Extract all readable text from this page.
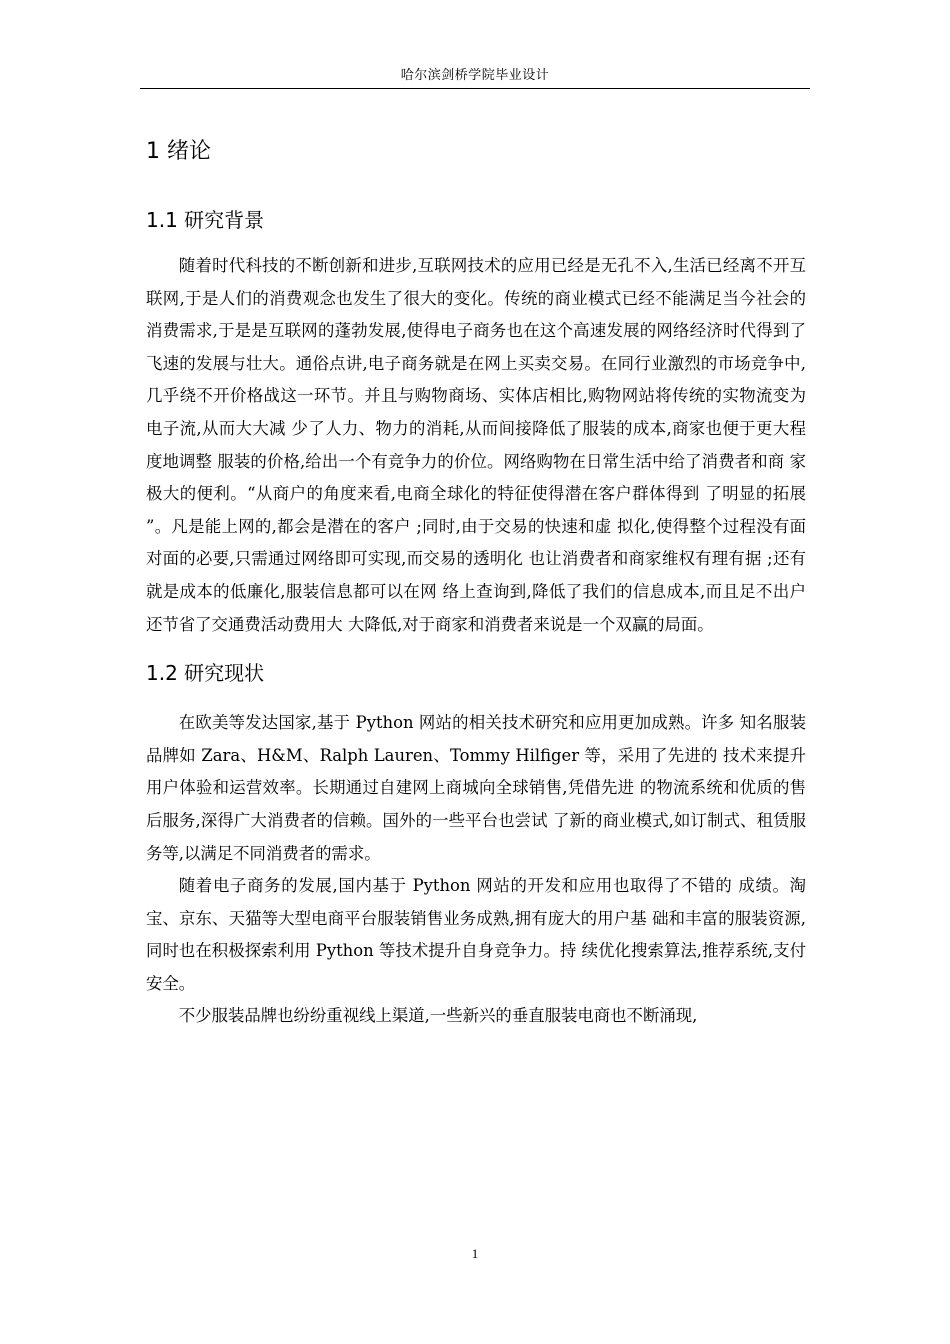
哈尔滨剑桥学院毕业设计
1 绪论
1.1 研究背景

随着时代科技的不断创新和进步,互联网技术的应用已经是无孔不入,生活已经离不开互联网,于是人们的消费观念也发生了很大的变化。传统的商业模式已经不能满足当今社会的消费需求,于是是互联网的蓬勃发展,使得电子商务也在这个高速发展的网络经济时代得到了飞速的发展与壮大。通俗点讲,电子商务就是在网上买卖交易。在同行业激烈的市场竞争中,几乎绕不开价格战这一环节。并且与购物商场、实体店相比,购物网站将传统的实物流变为电子流,从而大大减 少了人力、物力的消耗,从而间接降低了服装的成本,商家也便于更大程度地调整 服装的价格,给出一个有竞争力的价位。网络购物在日常生活中给了消费者和商 家极大的便利。“从商户的角度来看,电商全球化的特征使得潜在客户群体得到 了明显的拓展 ”。凡是能上网的,都会是潜在的客户 ;同时,由于交易的快速和虚 拟化,使得整个过程没有面对面的必要,只需通过网络即可实现,而交易的透明化 也让消费者和商家维权有理有据 ;还有就是成本的低廉化,服装信息都可以在网 络上查询到,降低了我们的信息成本,而且足不出户还节省了交通费活动费用大 大降低,对于商家和消费者来说是一个双赢的局面。

1.2 研究现状

在欧美等发达国家,基于 Python 网站的相关技术研究和应用更加成熟。许多 知名服装品牌如 Zara、H&M、Ralph Lauren、Tommy Hilfiger 等，采用了先进的 技术来提升用户体验和运营效率。长期通过自建网上商城向全球销售,凭借先进 的物流系统和优质的售后服务,深得广大消费者的信赖。国外的一些平台也尝试 了新的商业模式,如订制式、租赁服务等,以满足不同消费者的需求。

随着电子商务的发展,国内基于 Python 网站的开发和应用也取得了不错的 成绩。淘宝、京东、天猫等大型电商平台服装销售业务成熟,拥有庞大的用户基 础和丰富的服装资源,同时也在积极探索利用 Python 等技术提升自身竞争力。持 续优化搜索算法,推荐系统,支付安全。

不少服装品牌也纷纷重视线上渠道,一些新兴的垂直服装电商也不断涌现,

1
